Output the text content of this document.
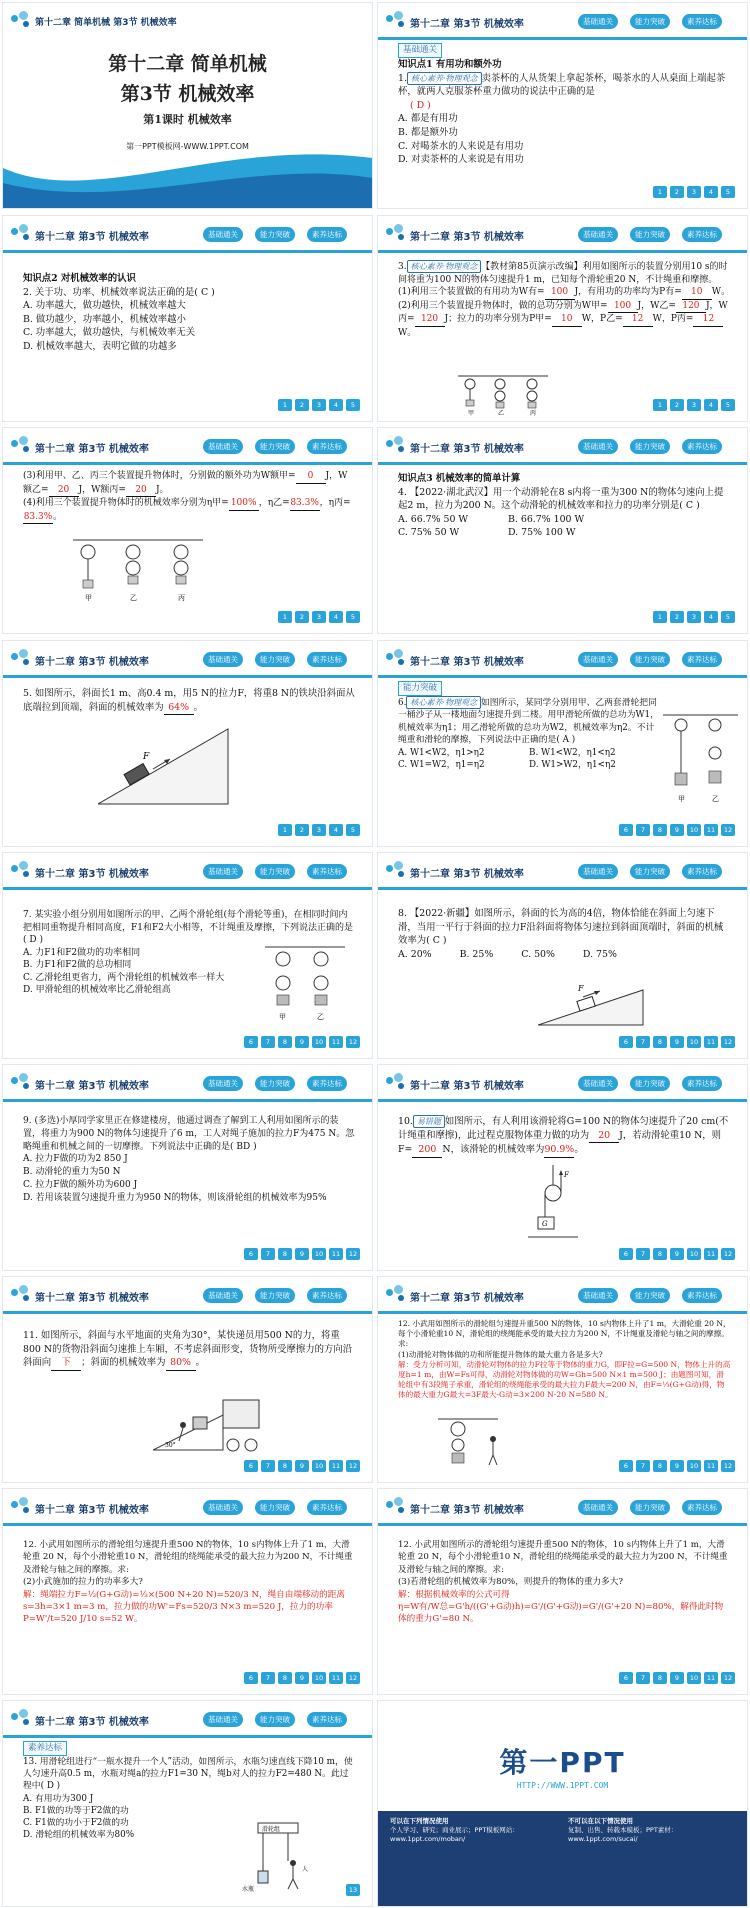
第十二章 简单机械 第3节 机械效率
第十二章 简单机械
第3节 机械效率
第1课时 机械效率
第一PPT模板网-WWW.1PPT.COM
第十二章 第3节 机械效率	基础通关	能力突破	素养达标
基础通关
知识点1 有用功和额外功
1. 核心素养·物理观念 卖茶杯的人从货架上拿起茶杯，喝茶水的人从桌面上端起茶杯，就两人克服茶杯重力做功的说法中正确的是
( D )
A. 都是有用功
B. 都是额外功
C. 对喝茶水的人来说是有用功
D. 对卖茶杯的人来说是有用功
1	2	3	4	5
第十二章 第3节 机械效率	基础通关	能力突破	素养达标
知识点2 对机械效率的认识
2. 关于功、功率、机械效率说法正确的是( C )
A. 功率越大，做功越快，机械效率越大
B. 做功越少，功率越小，机械效率越小
C. 功率越大，做功越快，与机械效率无关
D. 机械效率越大，表明它做的功越多
1	2	3	4	5
第十二章 第3节 机械效率	基础通关	能力突破	素养达标
3. 核心素养·物理观念 【教材第85页演示改编】利用如图所示的装置分别用10 s的时间将重为100 N的物体匀速提升1 m，已知每个滑轮重20 N，不计绳重和摩擦。
(1)利用三个装置做的有用功为W有= 100 J，有用功的功率均为P有= 10 W。
(2)利用三个装置提升物体时，做的总功分别为W甲= 100 J，W乙= 120 J，W丙= 120 J；拉力的功率分别为P甲= 10 W，P乙= 12 W，P丙= 12W。
甲	乙	丙
1	2	3	4	5
第十二章 第3节 机械效率	基础通关	能力突破	素养达标
(3)利用甲、乙、丙三个装置提升物体时，分别做的额外功为W额甲= 0 J，W额乙= 20 J，W额丙= 20 J。
(4)利用三个装置提升物体时的机械效率分别为η甲= 100% ，η乙=83.3%，η丙=83.3%。
甲	乙	丙
1	2	3	4	5
第十二章 第3节 机械效率	基础通关	能力突破	素养达标
知识点3 机械效率的简单计算
4. 【2022·湖北武汉】用一个动滑轮在8 s内将一重为300 N的物体匀速向上提起2 m，拉力为200 N。这个动滑轮的机械效率和拉力的功率分别是( C )

A. 66.7% 50 W	B. 66.7% 100 W
C. 75% 50 W	D. 75% 100 W
1	2	3	4	5
第十二章 第3节 机械效率	基础通关	能力突破	素养达标
5. 如图所示，斜面长1 m、高0.4 m，用5 N的拉力F，将重8 N的铁块沿斜面从底端拉到顶端，斜面的机械效率为 64% 。
F
1	2	3	4	5
第十二章 第3节 机械效率	基础通关	能力突破	素养达标
能力突破
6. 核心素养·物理观念 如图所示，某同学分别用甲、乙两套滑轮把同一桶沙子从一楼地面匀速提升到二楼。用甲滑轮所做的总功为W1，机械效率为η1；用乙滑轮所做的总功为W2，机械效率为η2。不计绳重和滑轮的摩擦，下列说法中正确的是( A )

A. W1<W2，η1>η2	B. W1<W2，η1<η2
C. W1=W2，η1=η2	D. W1>W2，η1<η2
甲	乙
6	7	8	9	10	11	12
第十二章 第3节 机械效率	基础通关	能力突破	素养达标
7. 某实验小组分别用如图所示的甲、乙两个滑轮组(每个滑轮等重)，在相同时间内把相同重物提升相同高度，F1和F2大小相等，不计绳重及摩擦，下列说法正确的是( D )
A. 力F1和F2做功的功率相同
B. 力F1和F2做的总功相同
C. 乙滑轮组更省力，两个滑轮组的机械效率一样大
D. 甲滑轮组的机械效率比乙滑轮组高
甲	乙
6	7	8	9	10	11	12
第十二章 第3节 机械效率	基础通关	能力突破	素养达标
8. 【2022·新疆】如图所示，斜面的长为高的4倍，物体恰能在斜面上匀速下滑，当用一平行于斜面的拉力F沿斜面将物体匀速拉到斜面顶端时，斜面的机械效率为( C )

A. 20%	B. 25%	C. 50%	D. 75%
F
6	7	8	9	10	11	12
第十二章 第3节 机械效率	基础通关	能力突破	素养达标
9. (多选)小厚同学家里正在修建楼房，他通过调查了解到工人利用如图所示的装置，将重力为900 N的物体匀速提升了6 m，工人对绳子施加的拉力F为475 N。忽略绳重和机械之间的一切摩擦。下列说法中正确的是( BD )
A. 拉力F做的功为2 850 J
B. 动滑轮的重力为50 N
C. 拉力F做的额外功为600 J
D. 若用该装置匀速提升重力为950 N的物体，则该滑轮组的机械效率为95%
6	7	8	9	10	11	12
第十二章 第3节 机械效率	基础通关	能力突破	素养达标
10. 易错题 如图所示，有人利用该滑轮将G=100 N的物体匀速提升了20 cm(不计绳重和摩擦)，此过程克服物体重力做的功为 20 J，若动滑轮重10 N，则F= 200 N，该滑轮的机械效率为90.9%。
F
G
6	7	8	9	10	11	12
第十二章 第3节 机械效率	基础通关	能力突破	素养达标
11. 如图所示，斜面与水平地面的夹角为30°，某快递员用500 N的力，将重800 N的货物沿斜面匀速推上车厢，不考虑斜面形变，货物所受摩擦力的方向沿斜面向 下 ；斜面的机械效率为 80% 。
30°
6	7	8	9	10	11	12
第十二章 第3节 机械效率	基础通关	能力突破	素养达标
12. 小武用如图所示的滑轮组匀速提升重500 N的物体，10 s内物体上升了1 m，大滑轮重 20 N，每个小滑轮重10 N，滑轮组的绕绳能承受的最大拉力为200 N，不计绳重及滑轮与轴之间的摩擦。求:
(1)动滑轮对物体做的功和所能提升物体的最大重力各是多大?
解：受力分析可知，动滑轮对物体的拉力F拉等于物体的重力G，即F拉=G=500 N，物体上升的高度h=1 m，由W=Fs可得，动滑轮对物体做的功W=Gh=500 N×1 m=500 J；由题图可知，滑轮组中有3段绳子承重，滑轮组的绕绳能承受的最大拉力F最大=200 N，由F=⅓(G+G动)得，物体的最大重力G最大=3F最大-G动=3×200 N-20 N=580 N。
6	7	8	9	10	11	12
第十二章 第3节 机械效率	基础通关	能力突破	素养达标
12. 小武用如图所示的滑轮组匀速提升重500 N的物体，10 s内物体上升了1 m，大滑轮重 20 N，每个小滑轮重10 N，滑轮组的绕绳能承受的最大拉力为200 N，不计绳重及滑轮与轴之间的摩擦。求:
(2)小武施加的拉力的功率多大?
解：绳端拉力F=⅓(G+G动)=⅓×(500 N+20 N)=520/3 N，绳自由端移动的距离s=3h=3×1 m=3 m，拉力做的功W'=Fs=520/3 N×3 m=520 J，拉力的功率P=W'/t=520 J/10 s=52 W。
6	7	8	9	10	11	12
第十二章 第3节 机械效率	基础通关	能力突破	素养达标
12. 小武用如图所示的滑轮组匀速提升重500 N的物体，10 s内物体上升了1 m，大滑轮重 20 N，每个小滑轮重10 N，滑轮组的绕绳能承受的最大拉力为200 N，不计绳重及滑轮与轴之间的摩擦。求:
(3)若滑轮组的机械效率为80%，则提升的物体的重力多大?
解：根据机械效率的公式可得
η=W有/W总=G'h/((G'+G动)h)=G'/(G'+G动)=G'/(G'+20 N)=80%，解得此时物体的重力G'=80 N。
6	7	8	9	10	11	12
第十二章 第3节 机械效率	基础通关	能力突破	素养达标
素养达标
13. 用滑轮组进行“一瓶水提升一个人”活动，如图所示，水瓶匀速直线下降10 m，使人匀速升高0.5 m，水瓶对绳a的拉力F1=30 N，绳b对人的拉力F2=480 N。此过程中( D )
A. 有用功为300 J
B. F1做的功等于F2做的功
C. F1做的功小于F2做的功
D. 滑轮组的机械效率为80%
滑轮组
水瓶
人
13
第一PPT
HTTP://WWW.1PPT.COM
可以在下列情况使用
个人学习、研究；商业展示；PPT模板网站：www.1ppt.com/moban/
不可以在以下情况使用
复制、出售、转载本模板；PPT素材：www.1ppt.com/sucai/
